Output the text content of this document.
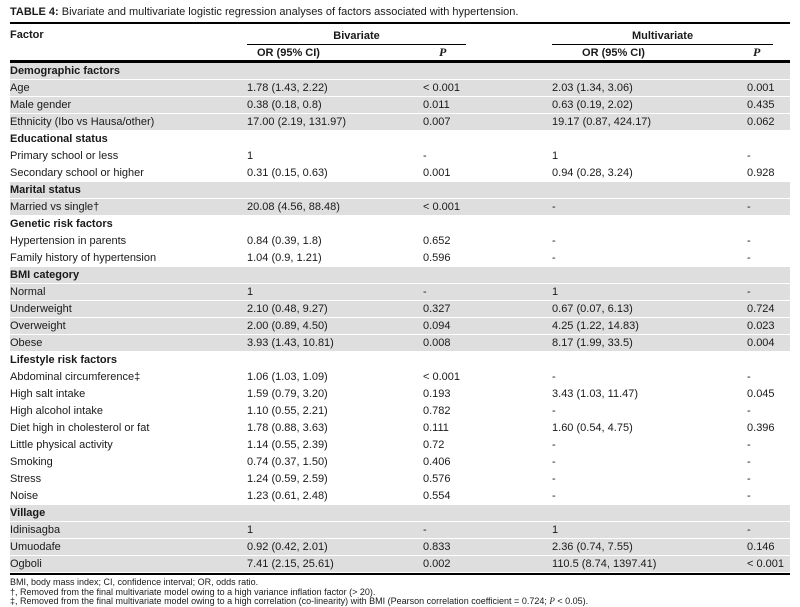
TABLE 4: Bivariate and multivariate logistic regression analyses of factors associated with hypertension.
Factor	Bivariate		Multivariate	

	OR (95% CI)	P	OR (95% CI)	P
Demographic factors				
Age	1.78 (1.43, 2.22)	< 0.001	2.03 (1.34, 3.06)	0.001
Male gender	0.38 (0.18, 0.8)	0.011	0.63 (0.19, 2.02)	0.435
Ethnicity (Ibo vs Hausa/other)	17.00 (2.19, 131.97)	0.007	19.17 (0.87, 424.17)	0.062
Educational status				
Primary school or less	1	-	1	-
Secondary school or higher	0.31 (0.15, 0.63)	0.001	0.94 (0.28, 3.24)	0.928
Marital status				
Married vs single†	20.08 (4.56, 88.48)	< 0.001	-	-
Genetic risk factors				
Hypertension in parents	0.84 (0.39, 1.8)	0.652	-	-
Family history of hypertension	1.04 (0.9, 1.21)	0.596	-	-
BMI category				
Normal	1	-	1	-
Underweight	2.10 (0.48, 9.27)	0.327	0.67 (0.07, 6.13)	0.724
Overweight	2.00 (0.89, 4.50)	0.094	4.25 (1.22, 14.83)	0.023
Obese	3.93 (1.43, 10.81)	0.008	8.17 (1.99, 33.5)	0.004
Lifestyle risk factors				
Abdominal circumference‡	1.06 (1.03, 1.09)	< 0.001	-	-
High salt intake	1.59 (0.79, 3.20)	0.193	3.43 (1.03, 11.47)	0.045
High alcohol intake	1.10 (0.55, 2.21)	0.782	-	-
Diet high in cholesterol or fat	1.78 (0.88, 3.63)	0.111	1.60 (0.54, 4.75)	0.396
Little physical activity	1.14 (0.55, 2.39)	0.72	-	-
Smoking	0.74 (0.37, 1.50)	0.406	-	-
Stress	1.24 (0.59, 2.59)	0.576	-	-
Noise	1.23 (0.61, 2.48)	0.554	-	-
Village				
Idinisagba	1	-	1	-
Umuodafe	0.92 (0.42, 2.01)	0.833	2.36 (0.74, 7.55)	0.146
Ogboli	7.41 (2.15, 25.61)	0.002	110.5 (8.74, 1397.41)	< 0.001
BMI, body mass index; CI, confidence interval; OR, odds ratio.
†, Removed from the final multivariate model owing to a high variance inflation factor (> 20).
‡, Removed from the final multivariate model owing to a high correlation (co-linearity) with BMI (Pearson correlation coefficient = 0.724; P < 0.05).
